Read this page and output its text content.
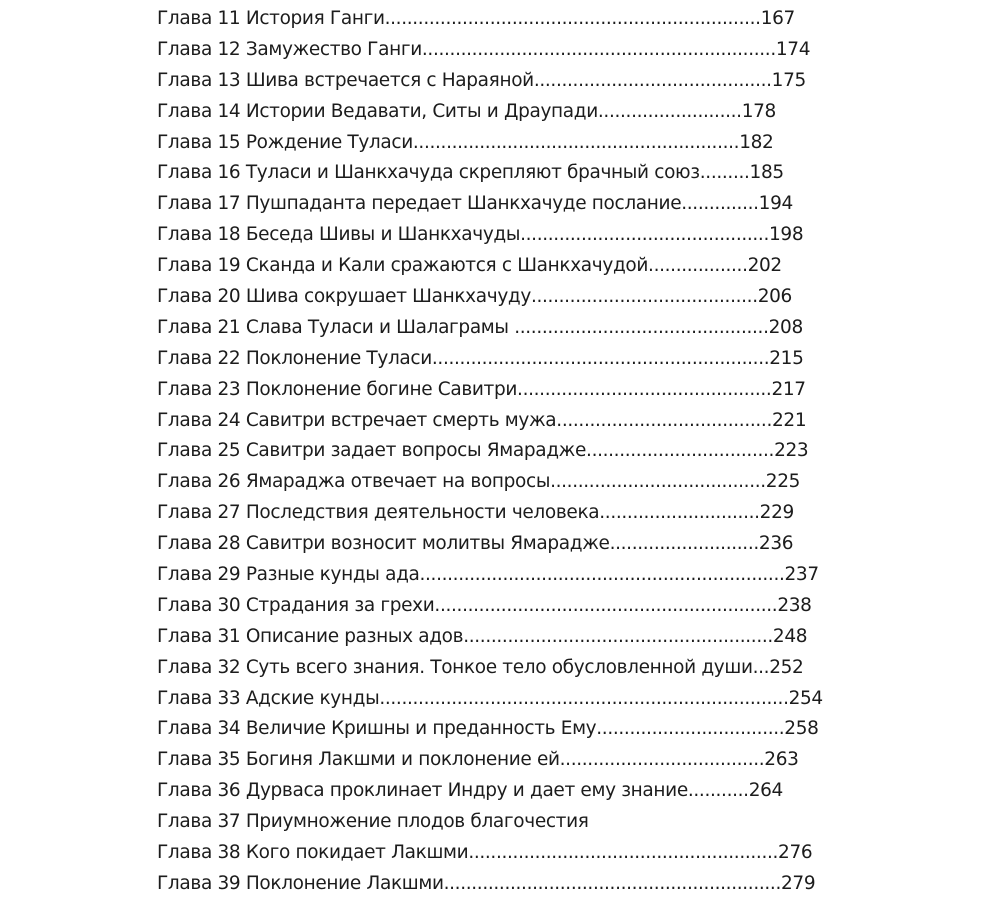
Глава 11 История Ганги....................................................................167
Глава 12 Замужество Ганги................................................................174
Глава 13 Шива встречается с Нараяной...........................................175
Глава 14 Истории Ведавати, Ситы и Драупади..........................178
Глава 15 Рождение Туласи...........................................................182
Глава 16 Туласи и Шанкхачуда скрепляют брачный союз.........185
Глава 17 Пушпаданта передает Шанкхачуде послание..............194
Глава 18 Беседа Шивы и Шанкхачуды.............................................198
Глава 19 Сканда и Кали сражаются с Шанкхачудой..................202
Глава 20 Шива сокрушает Шанкхачуду.........................................206
Глава 21 Слава Туласи и Шалаграмы ..............................................208
Глава 22 Поклонение Туласи.............................................................215
Глава 23 Поклонение богине Савитри..............................................217
Глава 24 Савитри встречает смерть мужа.......................................221
Глава 25 Савитри задает вопросы Ямарадже..................................223
Глава 26 Ямараджа отвечает на вопросы.......................................225
Глава 27 Последствия деятельности человека.............................229
Глава 28 Савитри возносит молитвы Ямарадже...........................236
Глава 29 Разные кунды ада..................................................................237
Глава 30 Страдания за грехи..............................................................238
Глава 31 Описание разных адов........................................................248
Глава 32 Суть всего знания. Тонкое тело обусловленной души...252
Глава 33 Адские кунды..........................................................................254
Глава 34 Величие Кришны и преданность Ему..................................258
Глава 35 Богиня Лакшми и поклонение ей.....................................263
Глава 36 Дурваса проклинает Индру и дает ему знание...........264
Глава 37 Приумножение плодов благочестия
Глава 38 Кого покидает Лакшми........................................................276
Глава 39 Поклонение Лакшми.............................................................279
